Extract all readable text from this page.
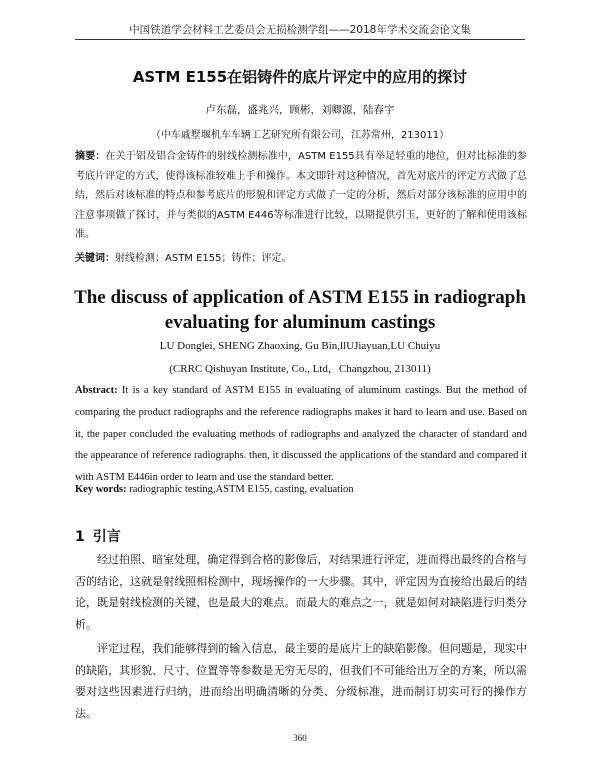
中国铁道学会材料工艺委员会无损检测学组——2018年学术交流会论文集
ASTM E155在铝铸件的底片评定中的应用的探讨
卢东磊，盛兆兴，顾彬，刘卿源，陆春宇
（中车戚墅堰机车车辆工艺研究所有限公司，江苏常州，213011）
摘要：在关于铝及铝合金铸件的射线检测标准中，ASTM E155具有举足轻重的地位，但对比标准的参考底片评定的方式，使得该标准较难上手和操作。本文即针对这种情况，首先对底片的评定方式做了总结，然后对该标准的特点和参考底片的形貌和评定方式做了一定的分析，然后对部分该标准的应用中的注意事项做了探讨，并与类似的ASTM E446等标准进行比较，以期提供引玉，更好的了解和使用该标准。
关键词：射线检测；ASTM E155；铸件；评定。
The discuss of application of ASTM E155 in radiograph evaluating for aluminum castings
LU Donglei, SHENG Zhaoxing, Gu Bin,llUJiayuan,LU Chuiyu
(CRRC Qishuyan Institute, Co., Ltd，Changzhou, 213011)
Abstract: It is a key standard of ASTM E155 in evaluating of aluminum castings. But the method of comparing the product radiographs and the reference radiographs makes it hard to learn and use. Based on it, the paper concluded the evaluating methods of radiographs and analyzed the character of standard and the appearance of reference radiographs. then, it discussed the applications of the standard and compared it with ASTM E446in order to learn and use the standard better.
Key words: radiographic testing,ASTM E155, casting, evaluation
1 引言
经过拍照、暗室处理，确定得到合格的影像后，对结果进行评定，进而得出最终的合格与否的结论，这就是射线照相检测中，现场操作的一大步骤。其中，评定因为直接给出最后的结论，既是射线检测的关键，也是最大的难点。而最大的难点之一，就是如何对缺陷进行归类分析。
评定过程，我们能够得到的输入信息，最主要的是底片上的缺陷影像。但问题是，现实中的缺陷，其形貌、尺寸、位置等等参数是无穷无尽的，但我们不可能给出万全的方案，所以需要对这些因素进行归纳，进而给出明确清晰的分类、分级标准，进而制订切实可行的操作方法。
360
